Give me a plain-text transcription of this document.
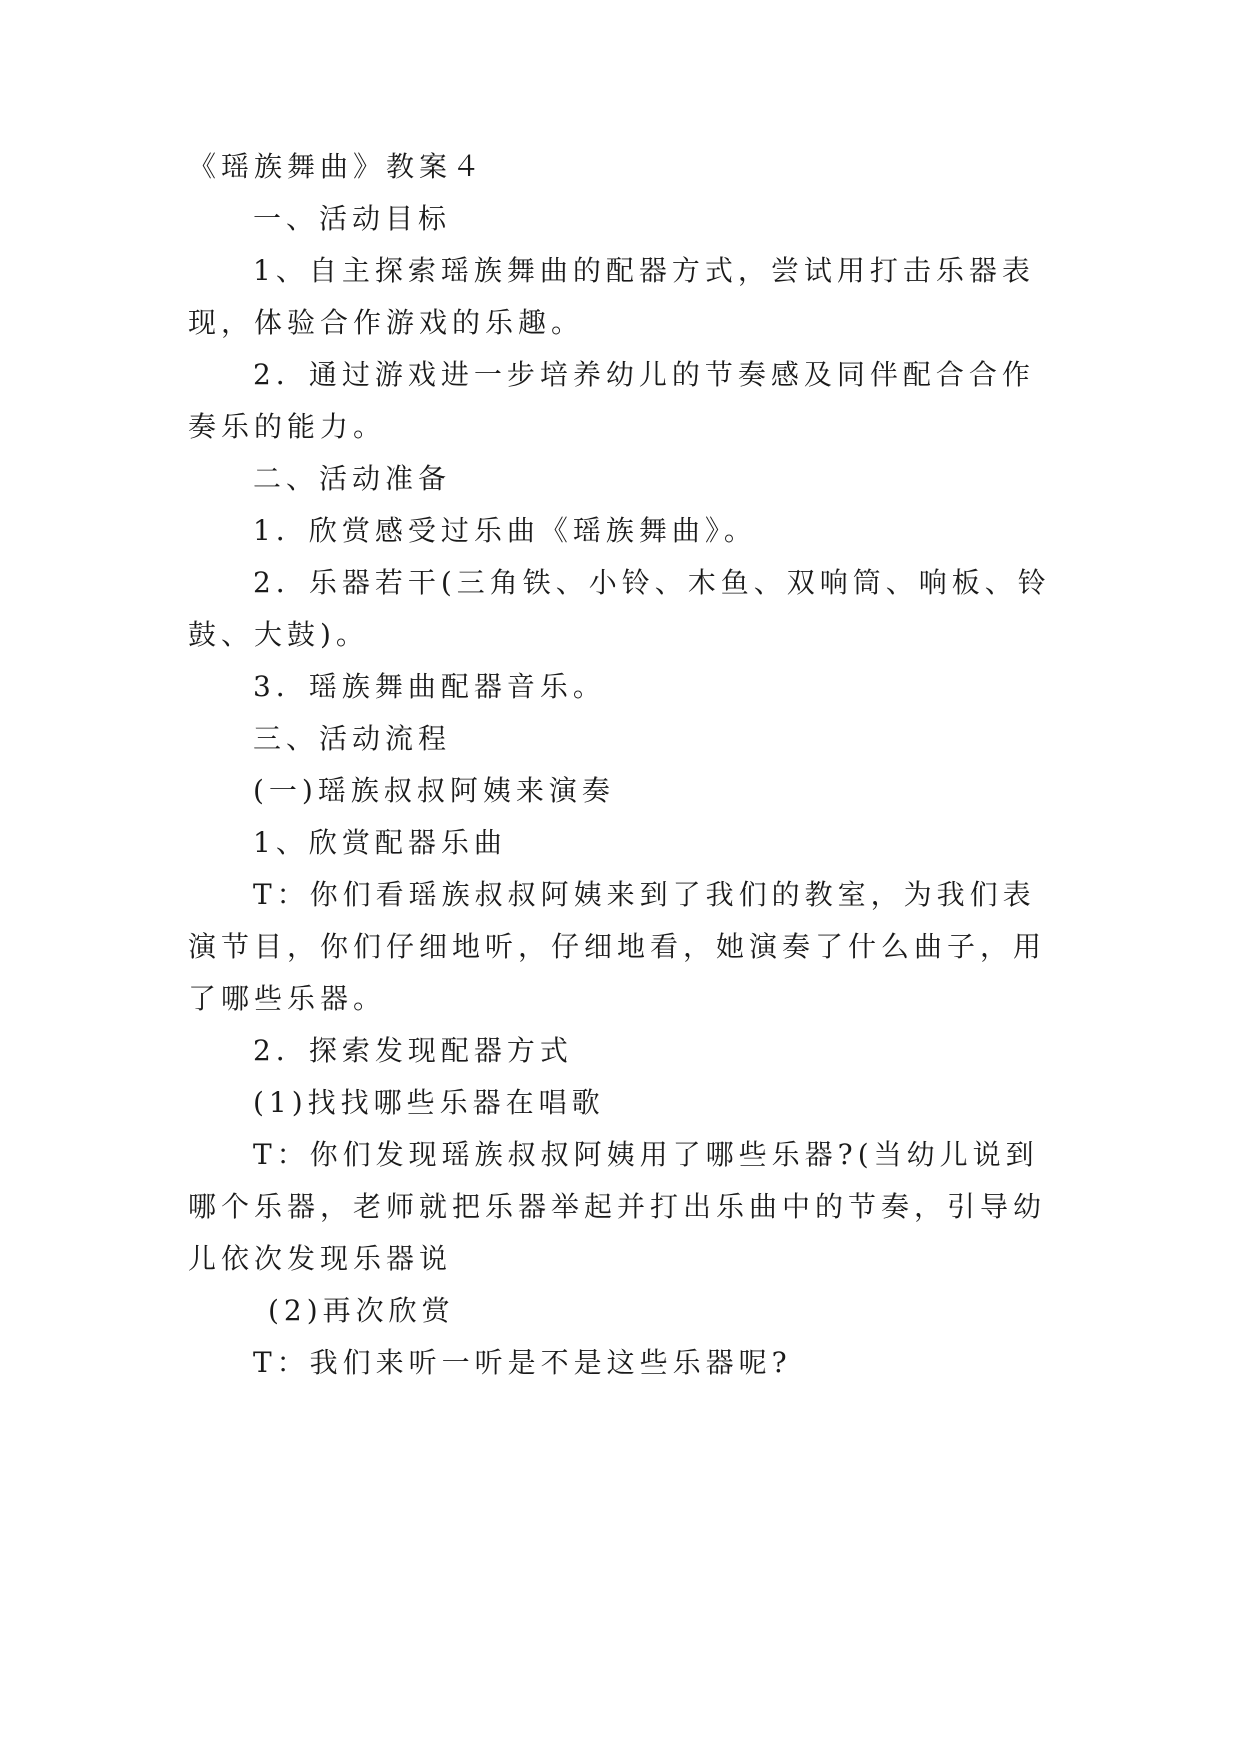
《瑶族舞曲》教案４
一、活动目标
1、自主探索瑶族舞曲的配器方式，尝试用打击乐器表
现，体验合作游戏的乐趣。
2．通过游戏进一步培养幼儿的节奏感及同伴配合合作
奏乐的能力。
二、活动准备
1．欣赏感受过乐曲《瑶族舞曲》。
2．乐器若干(三角铁、小铃、木鱼、双响筒、响板、铃
鼓、大鼓)。
3．瑶族舞曲配器音乐。
三、活动流程
(一)瑶族叔叔阿姨来演奏
1、欣赏配器乐曲
T：你们看瑶族叔叔阿姨来到了我们的教室，为我们表
演节目，你们仔细地听，仔细地看，她演奏了什么曲子，用
了哪些乐器。
2．探索发现配器方式
(1)找找哪些乐器在唱歌
T：你们发现瑶族叔叔阿姨用了哪些乐器?(当幼儿说到
哪个乐器，老师就把乐器举起并打出乐曲中的节奏，引导幼
儿依次发现乐器说
(2)再次欣赏
T：我们来听一听是不是这些乐器呢?
